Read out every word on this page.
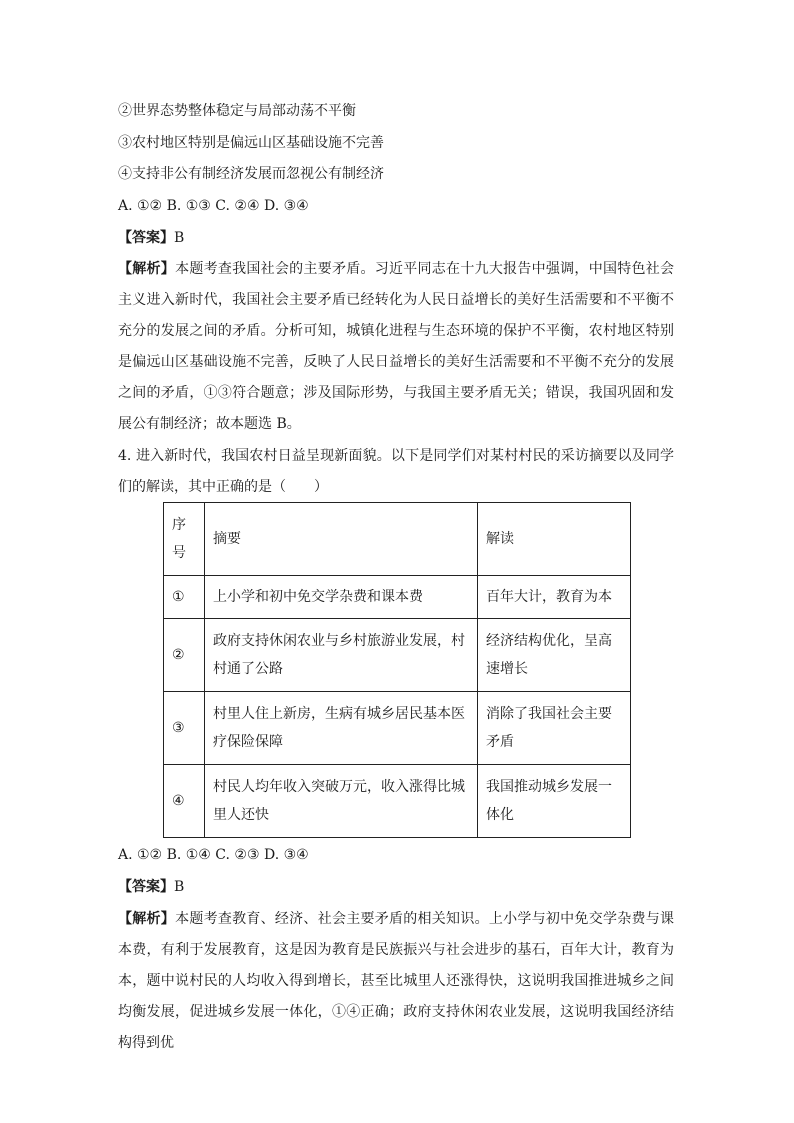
②世界态势整体稳定与局部动荡不平衡
③农村地区特别是偏远山区基础设施不完善
④支持非公有制经济发展而忽视公有制经济
A. ①② B. ①③ C. ②④ D. ③④
【答案】B
【解析】本题考查我国社会的主要矛盾。习近平同志在十九大报告中强调，中国特色社会主义进入新时代，我国社会主要矛盾已经转化为人民日益增长的美好生活需要和不平衡不充分的发展之间的矛盾。分析可知，城镇化进程与生态环境的保护不平衡，农村地区特别是偏远山区基础设施不完善，反映了人民日益增长的美好生活需要和不平衡不充分的发展之间的矛盾，①③符合题意；涉及国际形势，与我国主要矛盾无关；错误，我国巩固和发展公有制经济；故本题选 B。
4. 进入新时代，我国农村日益呈现新面貌。以下是同学们对某村村民的采访摘要以及同学们的解读，其中正确的是（　　）
序号	摘要	解读
①	上小学和初中免交学杂费和课本费	百年大计，教育为本
②	政府支持休闲农业与乡村旅游业发展，村村通了公路	经济结构优化，呈高速增长
③	村里人住上新房，生病有城乡居民基本医疗保险保障	消除了我国社会主要矛盾
④	村民人均年收入突破万元，收入涨得比城里人还快	我国推动城乡发展一体化
A. ①② B. ①④ C. ②③ D. ③④
【答案】B
【解析】本题考查教育、经济、社会主要矛盾的相关知识。上小学与初中免交学杂费与课本费，有利于发展教育，这是因为教育是民族振兴与社会进步的基石，百年大计，教育为本，题中说村民的人均收入得到增长，甚至比城里人还涨得快，这说明我国推进城乡之间均衡发展，促进城乡发展一体化，①④正确；政府支持休闲农业发展，这说明我国经济结构得到优
